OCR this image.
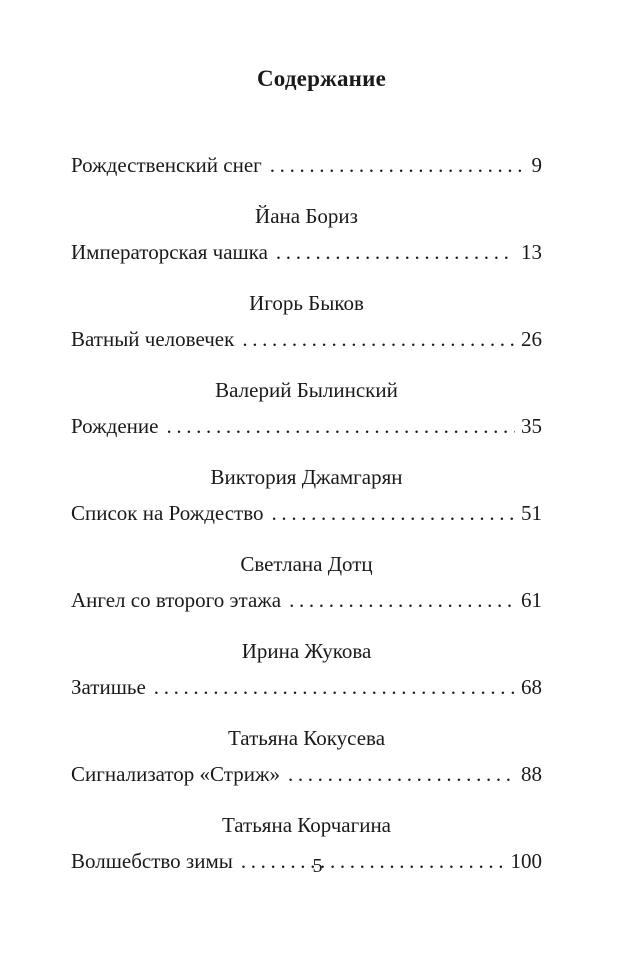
Содержание
Рождественский снег . . .	9
Йана Бориз
Императорская чашка . . .	13
Игорь Быков
Ватный человечек . . .	26
Валерий Былинский
Рождение . . .	35
Виктория Джамгарян
Список на Рождество . . .	51
Светлана Дотц
Ангел со второго этажа . . .	61
Ирина Жукова
Затишье . . .	68
Татьяна Кокусева
Сигнализатор «Стриж» . . .	88
Татьяна Корчагина
Волшебство зимы . . .	100
5
